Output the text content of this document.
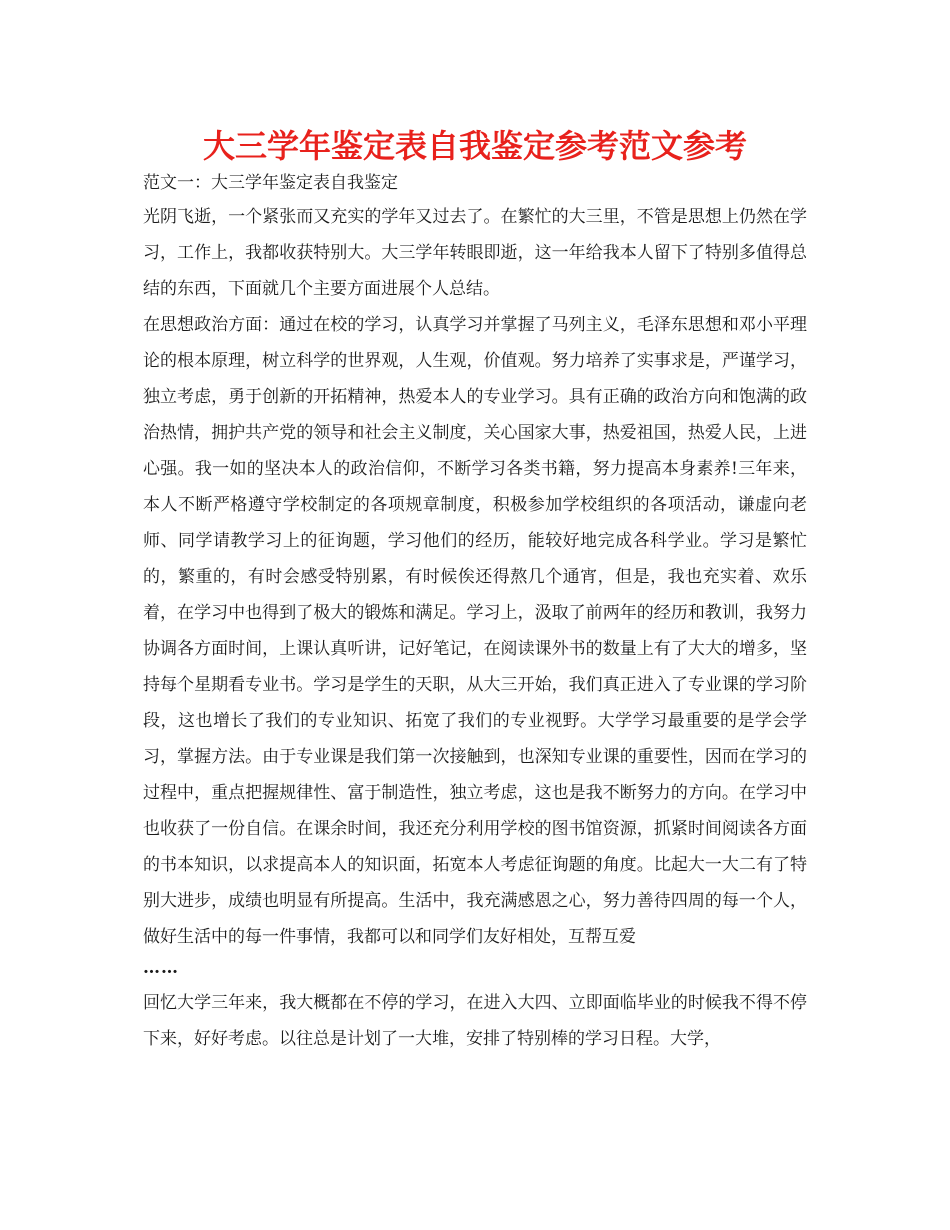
大三学年鉴定表自我鉴定参考范文参考

范文一：大三学年鉴定表自我鉴定

光阴飞逝，一个紧张而又充实的学年又过去了。在繁忙的大三里，不管是思想上仍然在学习，工作上，我都收获特别大。大三学年转眼即逝，这一年给我本人留下了特别多值得总结的东西，下面就几个主要方面进展个人总结。

在思想政治方面：通过在校的学习，认真学习并掌握了马列主义，毛泽东思想和邓小平理论的根本原理，树立科学的世界观，人生观，价值观。努力培养了实事求是，严谨学习，独立考虑，勇于创新的开拓精神，热爱本人的专业学习。具有正确的政治方向和饱满的政治热情，拥护共产党的领导和社会主义制度，关心国家大事，热爱祖国，热爱人民，上进心强。我一如的坚决本人的政治信仰，不断学习各类书籍，努力提高本身素养!三年来，本人不断严格遵守学校制定的各项规章制度，积极参加学校组织的各项活动，谦虚向老师、同学请教学习上的征询题，学习他们的经历，能较好地完成各科学业。学习是繁忙的，繁重的，有时会感受特别累，有时候俟还得熬几个通宵，但是，我也充实着、欢乐着，在学习中也得到了极大的锻炼和满足。学习上，汲取了前两年的经历和教训，我努力协调各方面时间，上课认真听讲，记好笔记，在阅读课外书的数量上有了大大的增多，坚持每个星期看专业书。学习是学生的天职，从大三开始，我们真正进入了专业课的学习阶段，这也增长了我们的专业知识、拓宽了我们的专业视野。大学学习最重要的是学会学习，掌握方法。由于专业课是我们第一次接触到，也深知专业课的重要性，因而在学习的过程中，重点把握规律性、富于制造性，独立考虑，这也是我不断努力的方向。在学习中也收获了一份自信。在课余时间，我还充分利用学校的图书馆资源，抓紧时间阅读各方面的书本知识，以求提高本人的知识面，拓宽本人考虑征询题的角度。比起大一大二有了特别大进步，成绩也明显有所提高。生活中，我充满感恩之心，努力善待四周的每一个人，做好生活中的每一件事情，我都可以和同学们友好相处，互帮互爱

……

回忆大学三年来，我大概都在不停的学习，在进入大四、立即面临毕业的时候我不得不停下来，好好考虑。以往总是计划了一大堆，安排了特别棒的学习日程。大学，
